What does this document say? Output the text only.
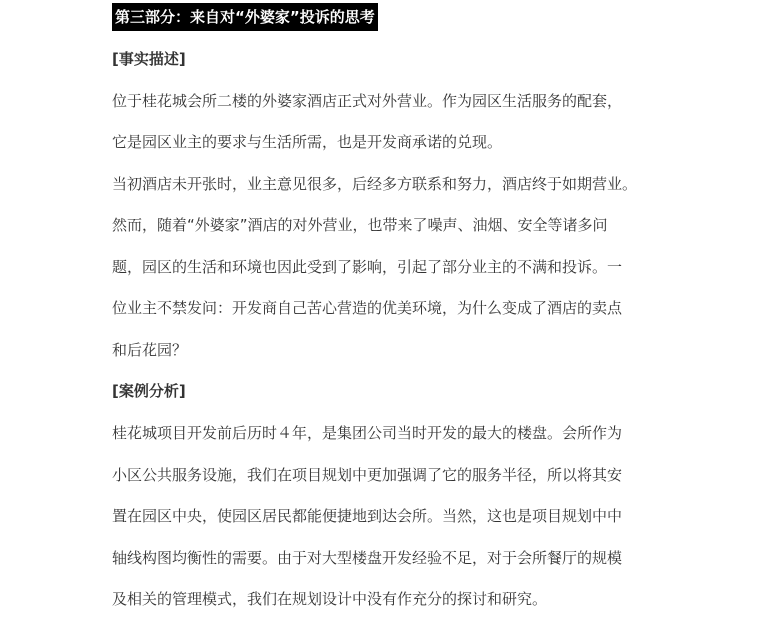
第三部分：来自对“外婆家”投诉的思考
[事实描述]
位于桂花城会所二楼的外婆家酒店正式对外营业。作为园区生活服务的配套，
它是园区业主的要求与生活所需，也是开发商承诺的兑现。
当初酒店未开张时，业主意见很多，后经多方联系和努力，酒店终于如期营业。
然而，随着“外婆家”酒店的对外营业，也带来了噪声、油烟、安全等诸多问
题，园区的生活和环境也因此受到了影响，引起了部分业主的不满和投诉。一
位业主不禁发问：开发商自己苦心营造的优美环境，为什么变成了酒店的卖点
和后花园？
[案例分析]
桂花城项目开发前后历时４年，是集团公司当时开发的最大的楼盘。会所作为
小区公共服务设施，我们在项目规划中更加强调了它的服务半径，所以将其安
置在园区中央，使园区居民都能便捷地到达会所。当然，这也是项目规划中中
轴线构图均衡性的需要。由于对大型楼盘开发经验不足，对于会所餐厅的规模
及相关的管理模式，我们在规划设计中没有作充分的探讨和研究。
